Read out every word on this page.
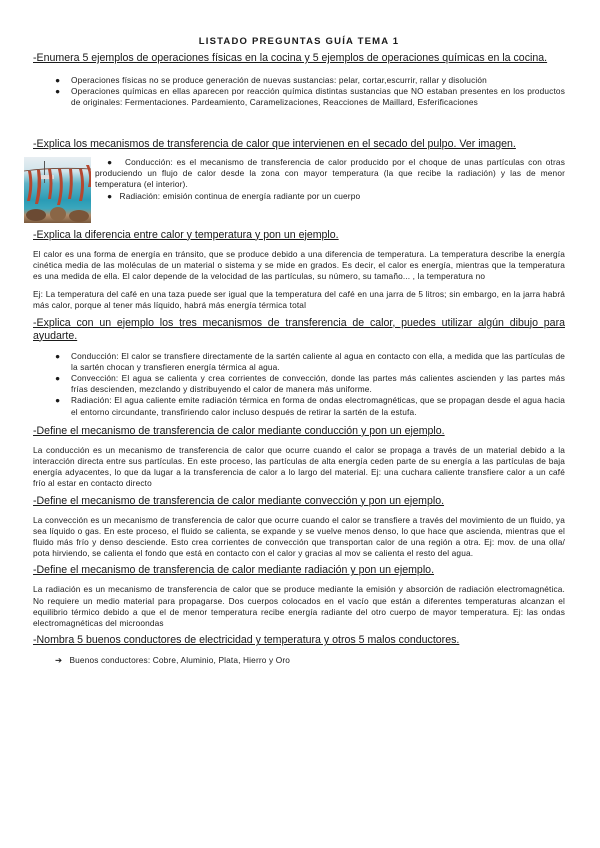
LISTADO PREGUNTAS GUÍA TEMA 1

-Enumera 5 ejemplos de operaciones físicas en la cocina y 5 ejemplos de operaciones químicas en la cocina.

● Operaciones físicas no se produce generación de nuevas sustancias: pelar, cortar,escurrir, rallar y disolución
● Operaciones químicas en ellas aparecen por reacción química distintas sustancias que NO estaban presentes en los productos de originales: Fermentaciones. Pardeamiento, Caramelizaciones, Reacciones de Maillard, Esferificaciones

-Explica los mecanismos de transferencia de calor que intervienen en el secado del pulpo. Ver imagen.

● Conducción: es el mecanismo de transferencia de calor producido por el choque de unas partículas con otras produciendo un flujo de calor desde la zona con mayor temperatura (la que recibe la radiación) y las de menor temperatura (el interior).

● Radiación: emisión continua de energía radiante por un cuerpo

-Explica la diferencia entre calor y temperatura y pon un ejemplo.

El calor es una forma de energía en tránsito, que se produce debido a una diferencia de temperatura. La temperatura describe la energía cinética media de las moléculas de un material o sistema y se mide en grados. Es decir, el calor es energía, mientras que la temperatura es una medida de ella. El calor depende de la velocidad de las partículas, su número, su tamaño... , la temperatura no

Ej: La temperatura del café en una taza puede ser igual que la temperatura del café en una jarra de 5 litros; sin embargo, en la jarra habrá más calor, porque al tener más líquido, habrá más energía térmica total

-Explica con un ejemplo los tres mecanismos de transferencia de calor, puedes utilizar algún dibujo para ayudarte.

● Conducción: El calor se transfiere directamente de la sartén caliente al agua en contacto con ella, a medida que las partículas de la sartén chocan y transfieren energía térmica al agua.
● Convección: El agua se calienta y crea corrientes de convección, donde las partes más calientes ascienden y las partes más frías descienden, mezclando y distribuyendo el calor de manera más uniforme.
● Radiación: El agua caliente emite radiación térmica en forma de ondas electromagnéticas, que se propagan desde el agua hacia el entorno circundante, transfiriendo calor incluso después de retirar la sartén de la estufa.

-Define el mecanismo de transferencia de calor mediante conducción y pon un ejemplo.

La conducción es un mecanismo de transferencia de calor que ocurre cuando el calor se propaga a través de un material debido a la interacción directa entre sus partículas. En este proceso, las partículas de alta energía ceden parte de su energía a las partículas de baja energía adyacentes, lo que da lugar a la transferencia de calor a lo largo del material. Ej: una cuchara caliente transfiere calor a un café frío al estar en contacto directo

-Define el mecanismo de transferencia de calor mediante convección y pon un ejemplo.

La convección es un mecanismo de transferencia de calor que ocurre cuando el calor se transfiere a través del movimiento de un fluido, ya sea líquido o gas. En este proceso, el fluido se calienta, se expande y se vuelve menos denso, lo que hace que ascienda, mientras que el fluido más frío y denso desciende. Esto crea corrientes de convección que transportan calor de una región a otra. Ej: mov. de una olla/ pota hirviendo, se calienta el fondo que está en contacto con el calor y gracias al mov se calienta el resto del agua.

-Define el mecanismo de transferencia de calor mediante radiación y pon un ejemplo.

La radiación es un mecanismo de transferencia de calor que se produce mediante la emisión y absorción de radiación electromagnética. No requiere un medio material para propagarse. Dos cuerpos colocados en el vacío que están a diferentes temperaturas alcanzan el equilibrio térmico debido a que el de menor temperatura recibe energía radiante del otro cuerpo de mayor temperatura. Ej: las ondas electromagnéticas del microondas

-Nombra 5 buenos conductores de electricidad y temperatura y otros 5 malos conductores.

➔ Buenos conductores: Cobre, Aluminio, Plata, Hierro y Oro
